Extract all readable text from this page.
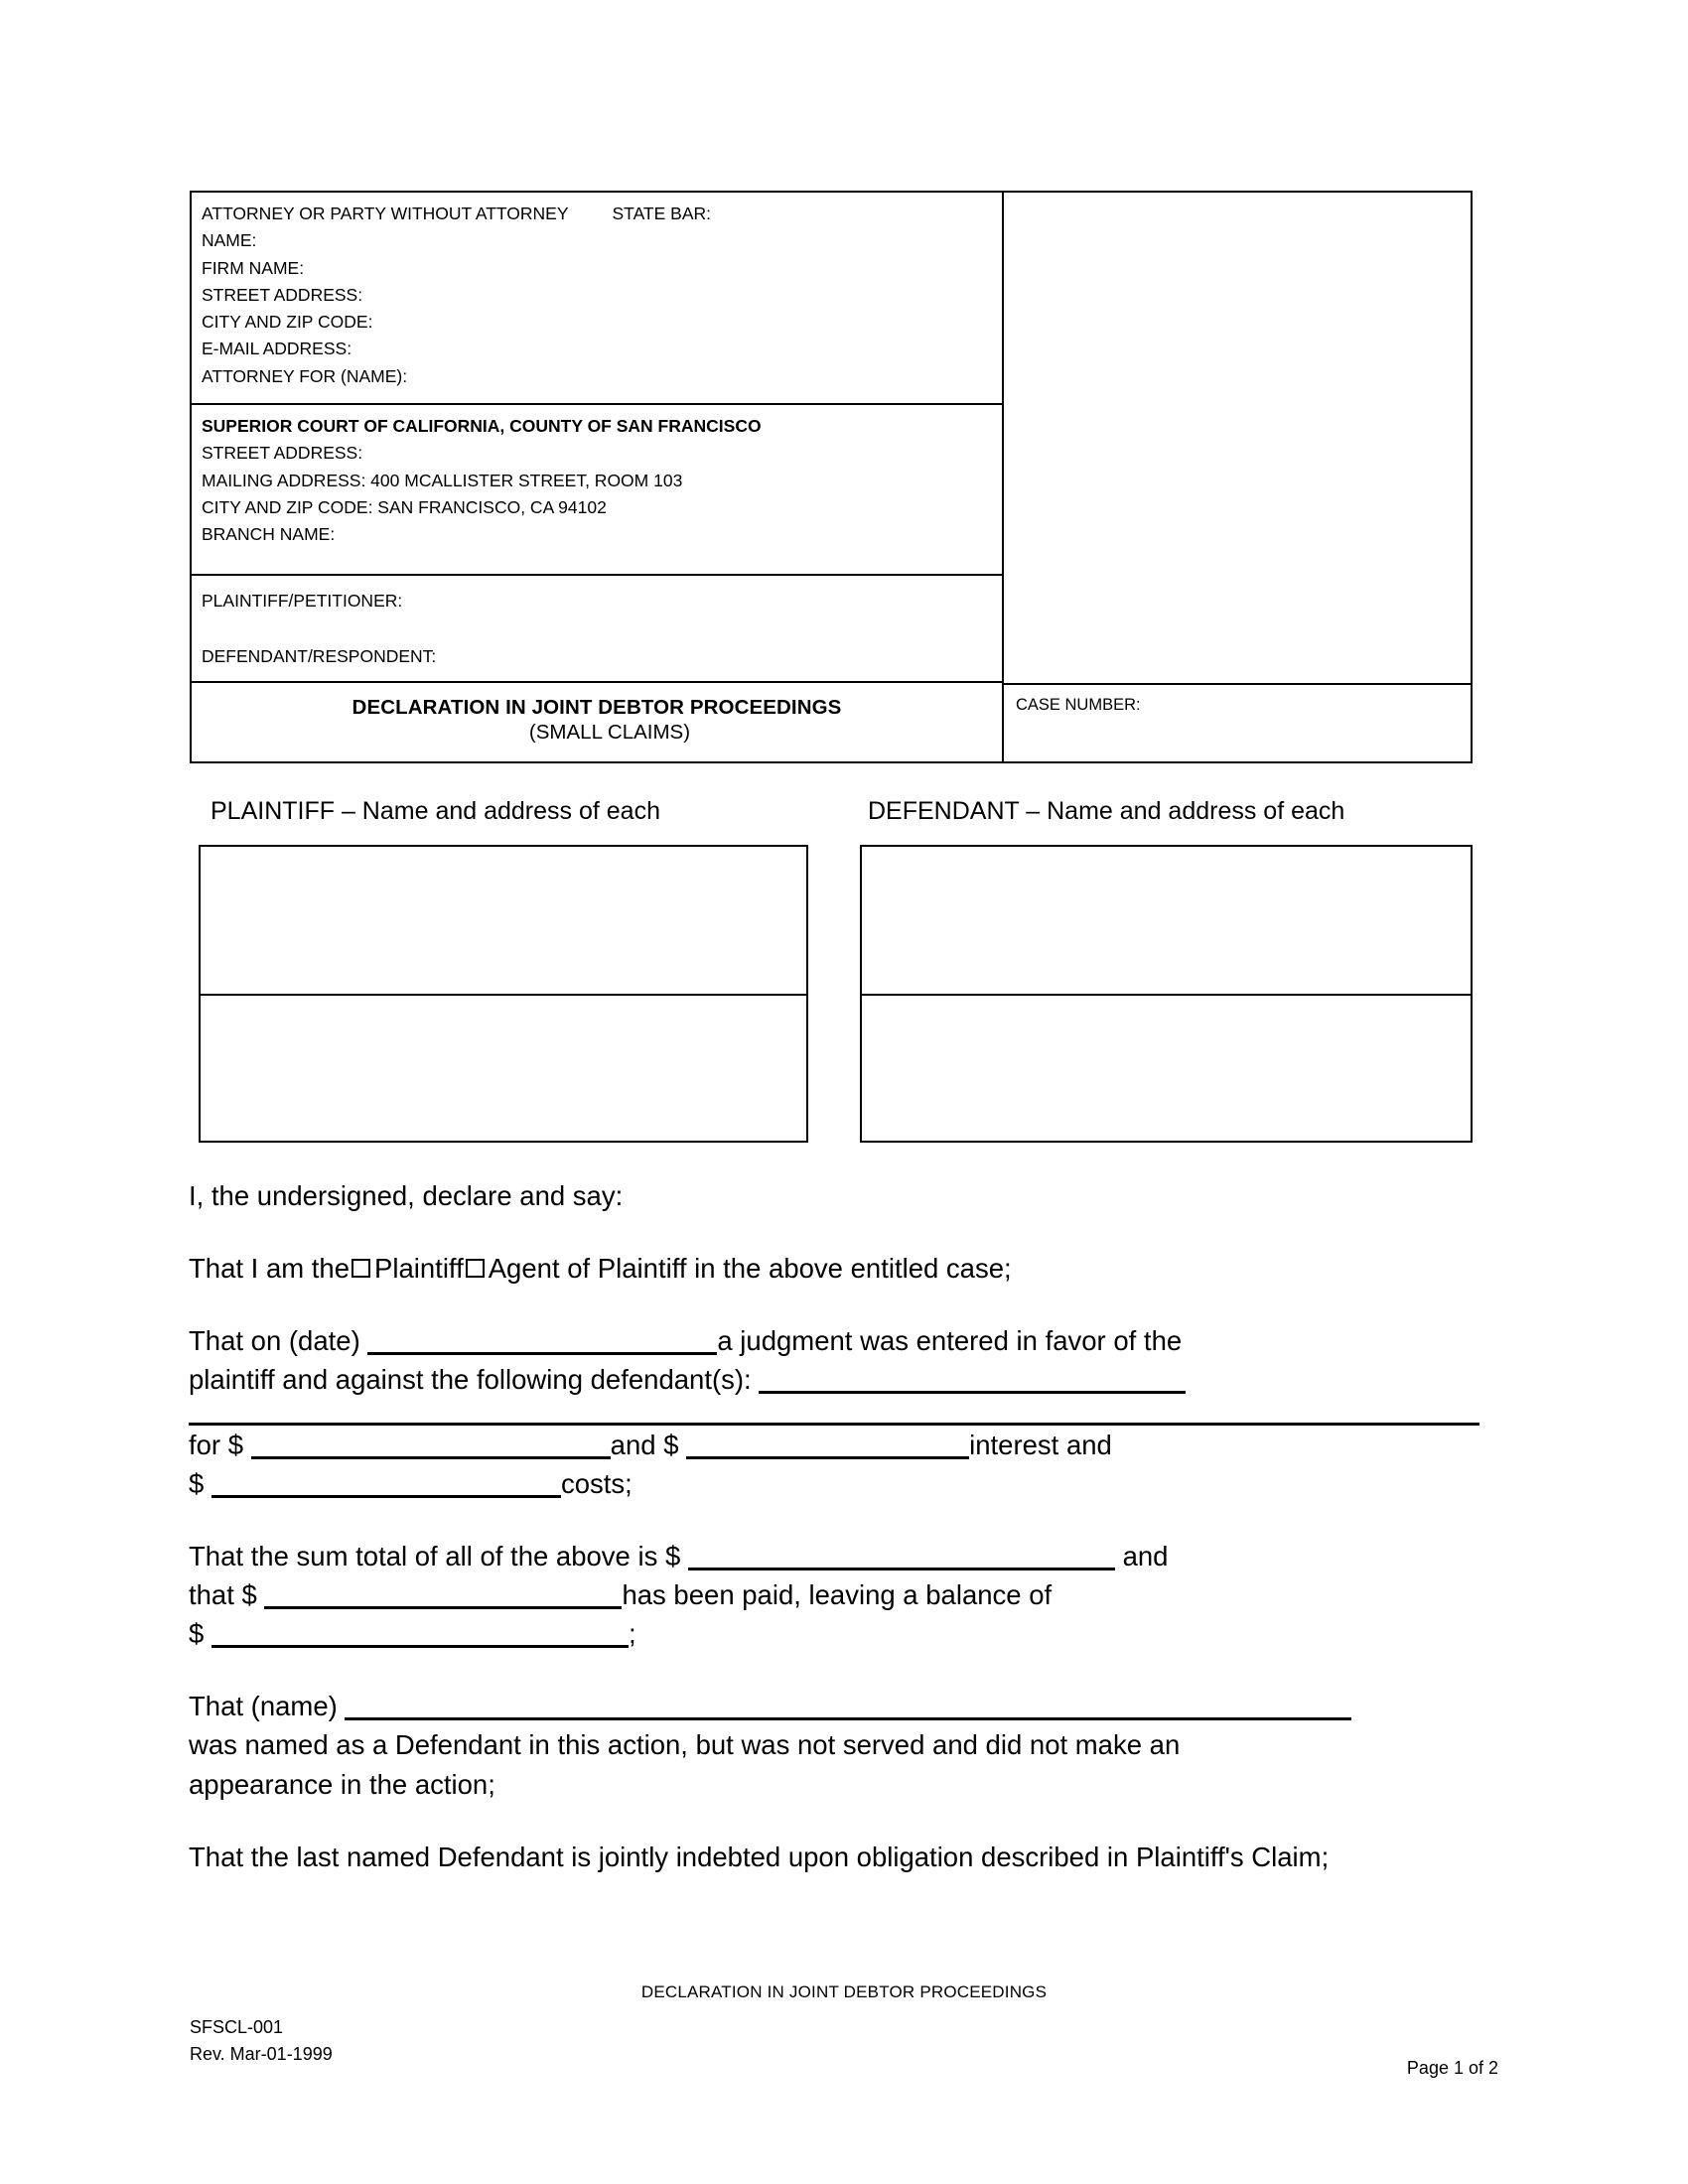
ATTORNEY OR PARTY WITHOUT ATTORNEY	STATE BAR:
NAME:
FIRM NAME:
STREET ADDRESS:
CITY AND ZIP CODE:
E-MAIL ADDRESS:
ATTORNEY FOR (NAME):
SUPERIOR COURT OF CALIFORNIA, COUNTY OF SAN FRANCISCO
STREET ADDRESS:
MAILING ADDRESS: 400 MCALLISTER STREET, ROOM 103
CITY AND ZIP CODE: SAN FRANCISCO, CA 94102
BRANCH NAME:
PLAINTIFF/PETITIONER:
DEFENDANT/RESPONDENT:
DECLARATION IN JOINT DEBTOR PROCEEDINGS
(SMALL CLAIMS)
CASE NUMBER:
PLAINTIFF – Name and address of each	DEFENDANT – Name and address of each

I, the undersigned, declare and say:

That I am the Plaintiff Agent of Plaintiff in the above entitled case;

That on (date)	a judgment was entered in favor of the plaintiff and against the following defendant(s):
for $	and $	interest and $	costs;

That the sum total of all of the above is $	and that $	has been paid, leaving a balance of $	;

That (name)  was named as a Defendant in this action, but was not served and did not make an appearance in the action;

That the last named Defendant is jointly indebted upon obligation described in Plaintiff's Claim;

DECLARATION IN JOINT DEBTOR PROCEEDINGS
SFSCL-001
Rev. Mar-01-1999
Page 1 of 2
